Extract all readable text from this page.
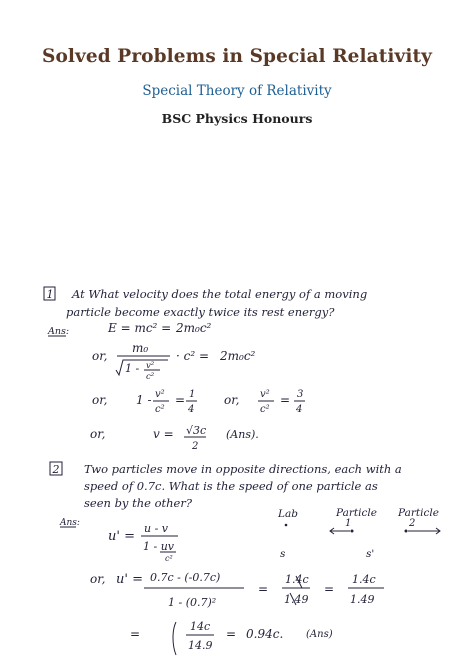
Solved Problems in Special Relativity
Special Theory of Relativity
BSC Physics Honours
1 At What velocity does the total energy of a moving
particle become exactly twice its rest energy?
Ans:	E = mc² = 2m₀c²
or,
m₀
1 - v²
c²
· c² = 2m₀c²
or, 1 - v²
c²
= 1
4
or, v²
c²
= 3
4
or,	v = √3c
2
(Ans).
2 Two particles move in opposite directions, each with a
speed of 0.7c. What is the speed of one particle as
seen by the other?
Ans:
Lab	Particle
1
Particle
2
s	s'
u' =
u - v
1 - uv
c²
or, u' = 0.7c - (-0.7c)
1 - (0.7)²
=
1.4c
1.49
=
1.4c
1.49
=
14c
14.9
= 0.94c. (Ans)
